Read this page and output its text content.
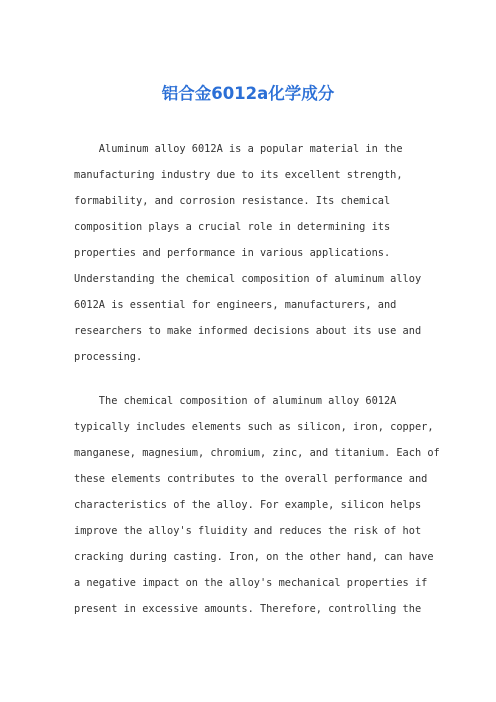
铝合金6012a化学成分
Aluminum alloy 6012A is a popular material in the
manufacturing industry due to its excellent strength,
formability, and corrosion resistance. Its chemical
composition plays a crucial role in determining its
properties and performance in various applications.
Understanding the chemical composition of aluminum alloy
6012A is essential for engineers, manufacturers, and
researchers to make informed decisions about its use and
processing.
The chemical composition of aluminum alloy 6012A
typically includes elements such as silicon, iron, copper,
manganese, magnesium, chromium, zinc, and titanium. Each of
these elements contributes to the overall performance and
characteristics of the alloy. For example, silicon helps
improve the alloy's fluidity and reduces the risk of hot
cracking during casting. Iron, on the other hand, can have
a negative impact on the alloy's mechanical properties if
present in excessive amounts. Therefore, controlling the
